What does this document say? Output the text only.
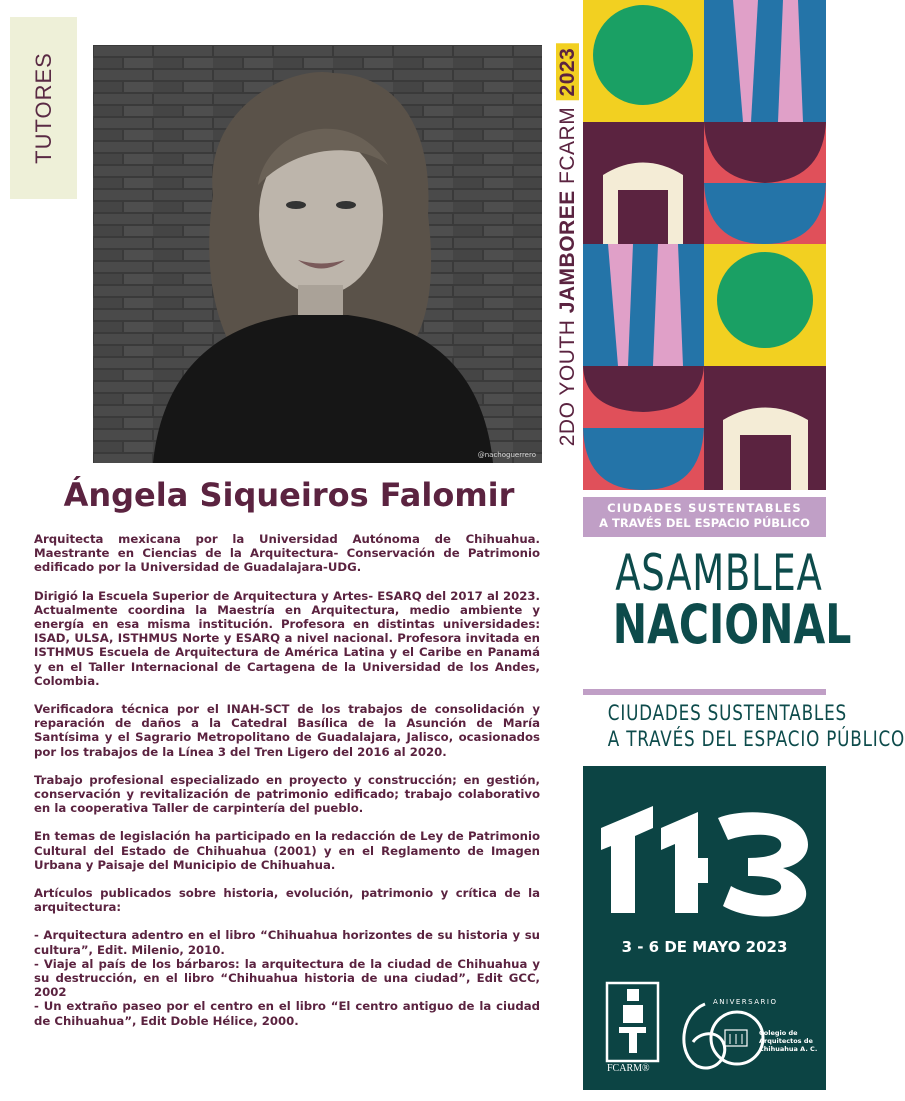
TUTORES
@nachoguerrero
Ángela Siqueiros Falomir

Arquitecta mexicana por la Universidad Autónoma de Chihuahua. Maestrante en Ciencias de la Arquitectura- Conservación de Patrimonio edificado por la Universidad de Guadalajara-UDG.

Dirigió la Escuela Superior de Arquitectura y Artes- ESARQ del 2017 al 2023. Actualmente coordina la Maestría en Arquitectura, medio ambiente y energía en esa misma institución. Profesora en distintas universidades: ISAD, ULSA, ISTHMUS Norte y ESARQ a nivel nacional. Profesora invitada en ISTHMUS Escuela de Arquitectura de América Latina y el Caribe en Panamá y en el Taller Internacional de Cartagena de la Universidad de los Andes, Colombia.

Verificadora técnica por el INAH-SCT de los trabajos de consolidación y reparación de daños a la Catedral Basílica de la Asunción de María Santísima y el Sagrario Metropolitano de Guadalajara, Jalisco, ocasionados por los trabajos de la Línea 3 del Tren Ligero del 2016 al 2020.

Trabajo profesional especializado en proyecto y construcción; en gestión, conservación y revitalización de patrimonio edificado; trabajo colaborativo en la cooperativa Taller de carpintería del pueblo.

En temas de legislación ha participado en la redacción de Ley de Patrimonio Cultural del Estado de Chihuahua (2001) y en el Reglamento de Imagen Urbana y Paisaje del Municipio de Chihuahua.

Artículos publicados sobre historia, evolución, patrimonio y crítica de la arquitectura:

- Arquitectura adentro en el libro “Chihuahua horizontes de su historia y su cultura”, Edit. Milenio, 2010.

- Viaje al país de los bárbaros: la arquitectura de la ciudad de Chihuahua y su destrucción, en el libro “Chihuahua historia de una ciudad”, Edit GCC, 2002

- Un extraño paseo por el centro en el libro “El centro antiguo de la ciudad de Chihuahua”, Edit Doble Hélice, 2000.

2DO YOUTH JAMBOREE FCARM 2023
CIUDADES SUSTENTABLES
A TRAVÉS DEL ESPACIO PÚBLICO
ASAMBLEA
NACIONAL
CIUDADES SUSTENTABLES
A TRAVÉS DEL ESPACIO PÚBLICO
3 - 6 DE MAYO 2023
FCARM®
ANIVERSARIO
Colegio de Arquitectos de Chihuahua A. C.
